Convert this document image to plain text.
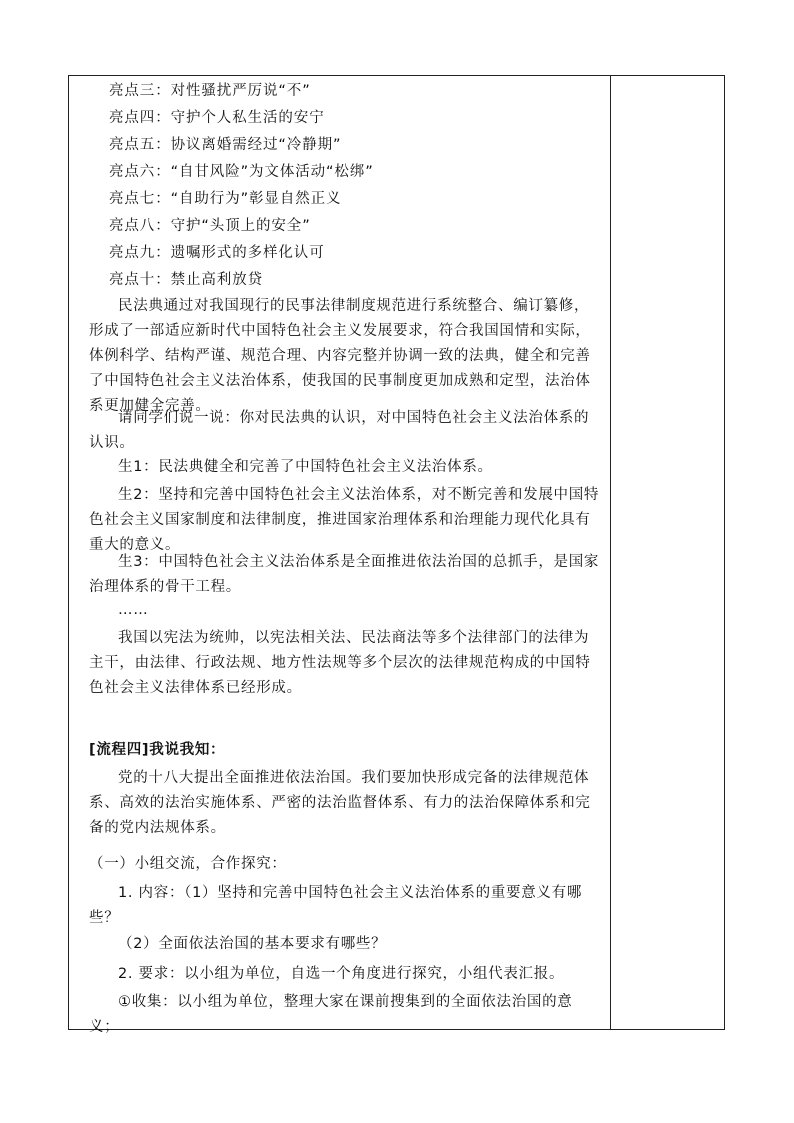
亮点三：对性骚扰严厉说“不”
亮点四：守护个人私生活的安宁
亮点五：协议离婚需经过“冷静期”
亮点六：“自甘风险”为文体活动“松绑”
亮点七：“自助行为”彰显自然正义
亮点八：守护“头顶上的安全”
亮点九：遗嘱形式的多样化认可
亮点十：禁止高利放贷
民法典通过对我国现行的民事法律制度规范进行系统整合、编订纂修，形成了一部适应新时代中国特色社会主义发展要求，符合我国国情和实际，体例科学、结构严谨、规范合理、内容完整并协调一致的法典，健全和完善了中国特色社会主义法治体系，使我国的民事制度更加成熟和定型，法治体系更加健全完善。
请同学们说一说：你对民法典的认识，对中国特色社会主义法治体系的认识。
生1：民法典健全和完善了中国特色社会主义法治体系。
生2：坚持和完善中国特色社会主义法治体系，对不断完善和发展中国特色社会主义国家制度和法律制度，推进国家治理体系和治理能力现代化具有重大的意义。
生3：中国特色社会主义法治体系是全面推进依法治国的总抓手，是国家治理体系的骨干工程。
……
我国以宪法为统帅，以宪法相关法、民法商法等多个法律部门的法律为主干，由法律、行政法规、地方性法规等多个层次的法律规范构成的中国特色社会主义法律体系已经形成。
[流程四]我说我知：
党的十八大提出全面推进依法治国。我们要加快形成完备的法律规范体系、高效的法治实施体系、严密的法治监督体系、有力的法治保障体系和完备的党内法规体系。
（一）小组交流，合作探究：
1. 内容：（1）坚持和完善中国特色社会主义法治体系的重要意义有哪些？
（2）全面依法治国的基本要求有哪些？
2. 要求：以小组为单位，自选一个角度进行探究，小组代表汇报。
①收集：以小组为单位，整理大家在课前搜集到的全面依法治国的意义；
